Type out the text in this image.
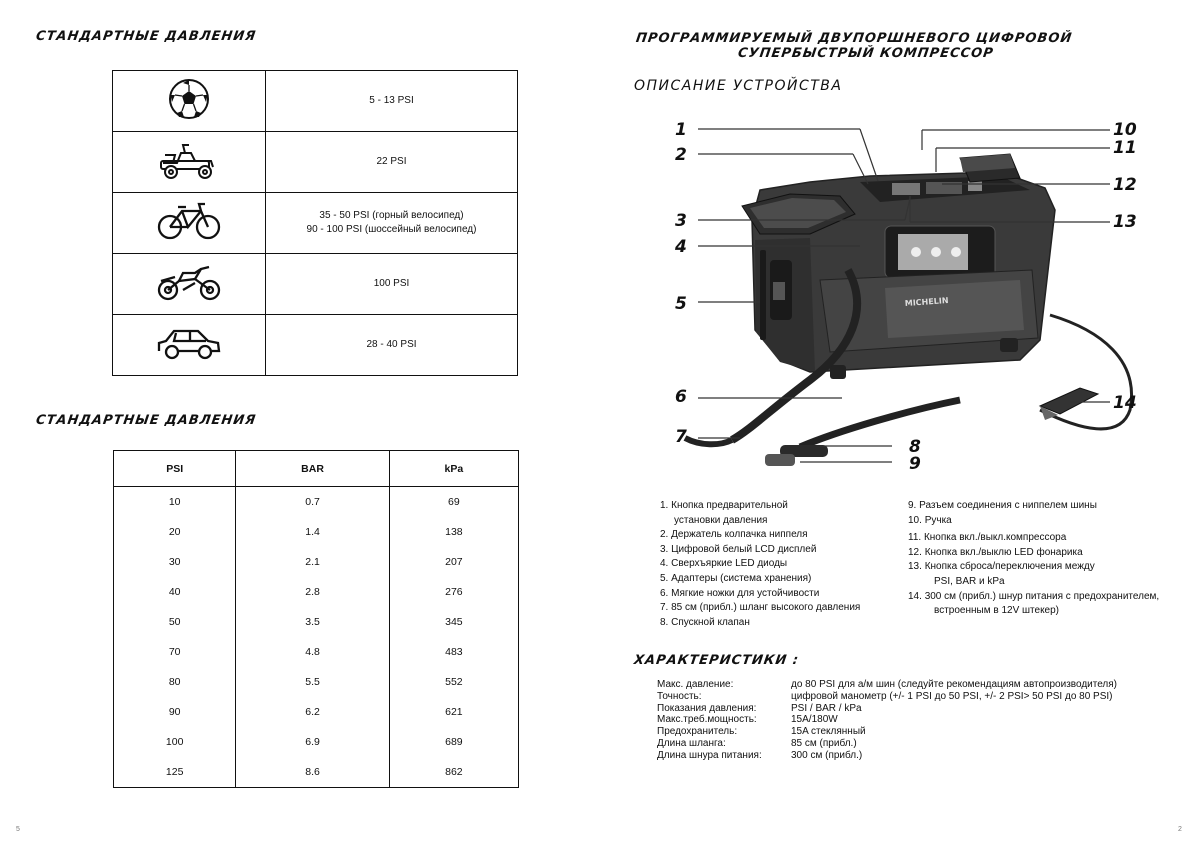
СТАНДАРТНЫЕ ДАВЛЕНИЯ

5 - 13 PSI

22 PSI

35 - 50 PSI (горный велосипед)
90 - 100 PSI (шоссейный велосипед)

100 PSI

28 - 40 PSI
СТАНДАРТНЫЕ ДАВЛЕНИЯ
PSI	BAR	kPa
10	0.7	69
20	1.4	138
30	2.1	207
40	2.8	276
50	3.5	345
70	4.8	483
80	5.5	552
90	6.2	621
100	6.9	689
125	8.6	862
5
ПРОГРАММИРУЕМЫЙ ДВУПОРШНЕВОГО ЦИФРОВОЙ
СУПЕРБЫСТРЫЙ КОМПРЕССОР
ОПИСАНИЕ УСТРОЙСТВА
MICHELIN
1
2
3
4
5
6
7	8
9
10
11
12
13
14
1. Кнопка предварительной
установки давления
2. Держатель колпачка ниппеля
3. Цифровой белый LCD дисплей
4. Сверхъяркие LED диоды
5. Адаптеры (система хранения)
6. Мягкие ножки для устойчивости
7. 85 см (прибл.) шланг высокого давления
8. Спускной клапан
9. Разъем соединения с ниппелем шины
10. Ручка
11. Кнопка вкл./выкл.компрессора
12. Кнопка вкл./выклю LED фонарика
13. Кнопка сброса/переключения между
PSI, BAR и kPa
14. 300 см (прибл.) шнур питания с предохранителем,
встроенным в 12V штекер)
ХАРАКТЕРИСТИКИ :
Макс. давление:	до 80 PSI для а/м шин (следуйте рекомендациям автопроизводителя)
Точность:	цифровой манометр (+/- 1 PSI до 50 PSI, +/- 2 PSI> 50 PSI до 80 PSI)
Показания давления:	PSI / BAR / kPa
Макс.треб.мощность:	15A/180W
Предохранитель:	15A стеклянный
Длина шланга:	85 см (прибл.)
Длина шнура питания:	300 см (прибл.)
2
